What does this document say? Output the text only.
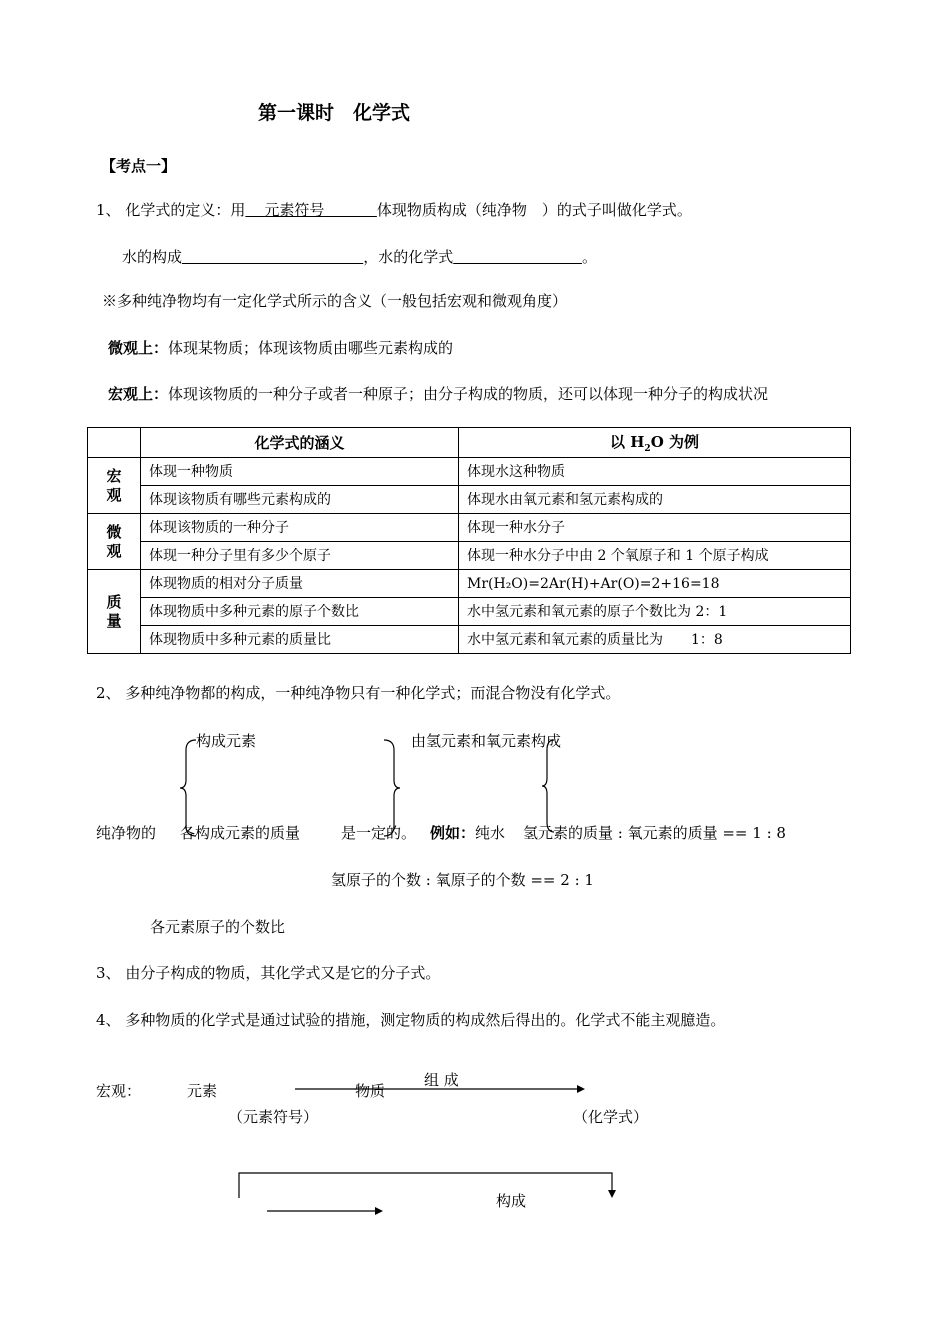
第一课时　化学式
【考点一】
1、 化学式的定义：用 元素符号	体现物质构成（纯净物　）的式子叫做化学式。
水的构成	，水的化学式	。
※多种纯净物均有一定化学式所示的含义（一般包括宏观和微观角度）
微观上：体现某物质；体现该物质由哪些元素构成的
宏观上：体现该物质的一种分子或者一种原子；由分子构成的物质，还可以体现一种分子的构成状况
	化学式的涵义	以 $H_2O$ 为例
宏观	体现一种物质	体现水这种物质
	体现该物质有哪些元素构成的	体现水由氧元素和氢元素构成的
微观	体现该物质的一种分子	体现一种水分子
	体现一种分子里有多少个原子	体现一种水分子中由 2 个氧原子和 1 个原子构成
质量	体现物质的相对分子质量	Mr(H₂O)=2Ar(H)+Ar(O)=2+16=18
	体现物质中多种元素的原子个数比	水中氢元素和氧元素的原子个数比为 2：1
	体现物质中多种元素的质量比	水中氢元素和氧元素的质量比为　　1：8
2、 多种纯净物都的构成，一种纯净物只有一种化学式；而混合物没有化学式。
构成元素	由氢元素和氧元素构成
纯净物的 各构成元素的质量	是一定的。 例如：纯水 氢元素的质量 : 氧元素的质量 == 1 : 8
氢原子的个数 : 氧原子的个数 == 2 : 1
各元素原子的个数比
3、 由分子构成的物质，其化学式又是它的分子式。
4、 多种物质的化学式是通过试验的措施，测定物质的构成然后得出的。化学式不能主观臆造。
宏观：	元素
组 成
物质
（元素符号）	（化学式）
构成
